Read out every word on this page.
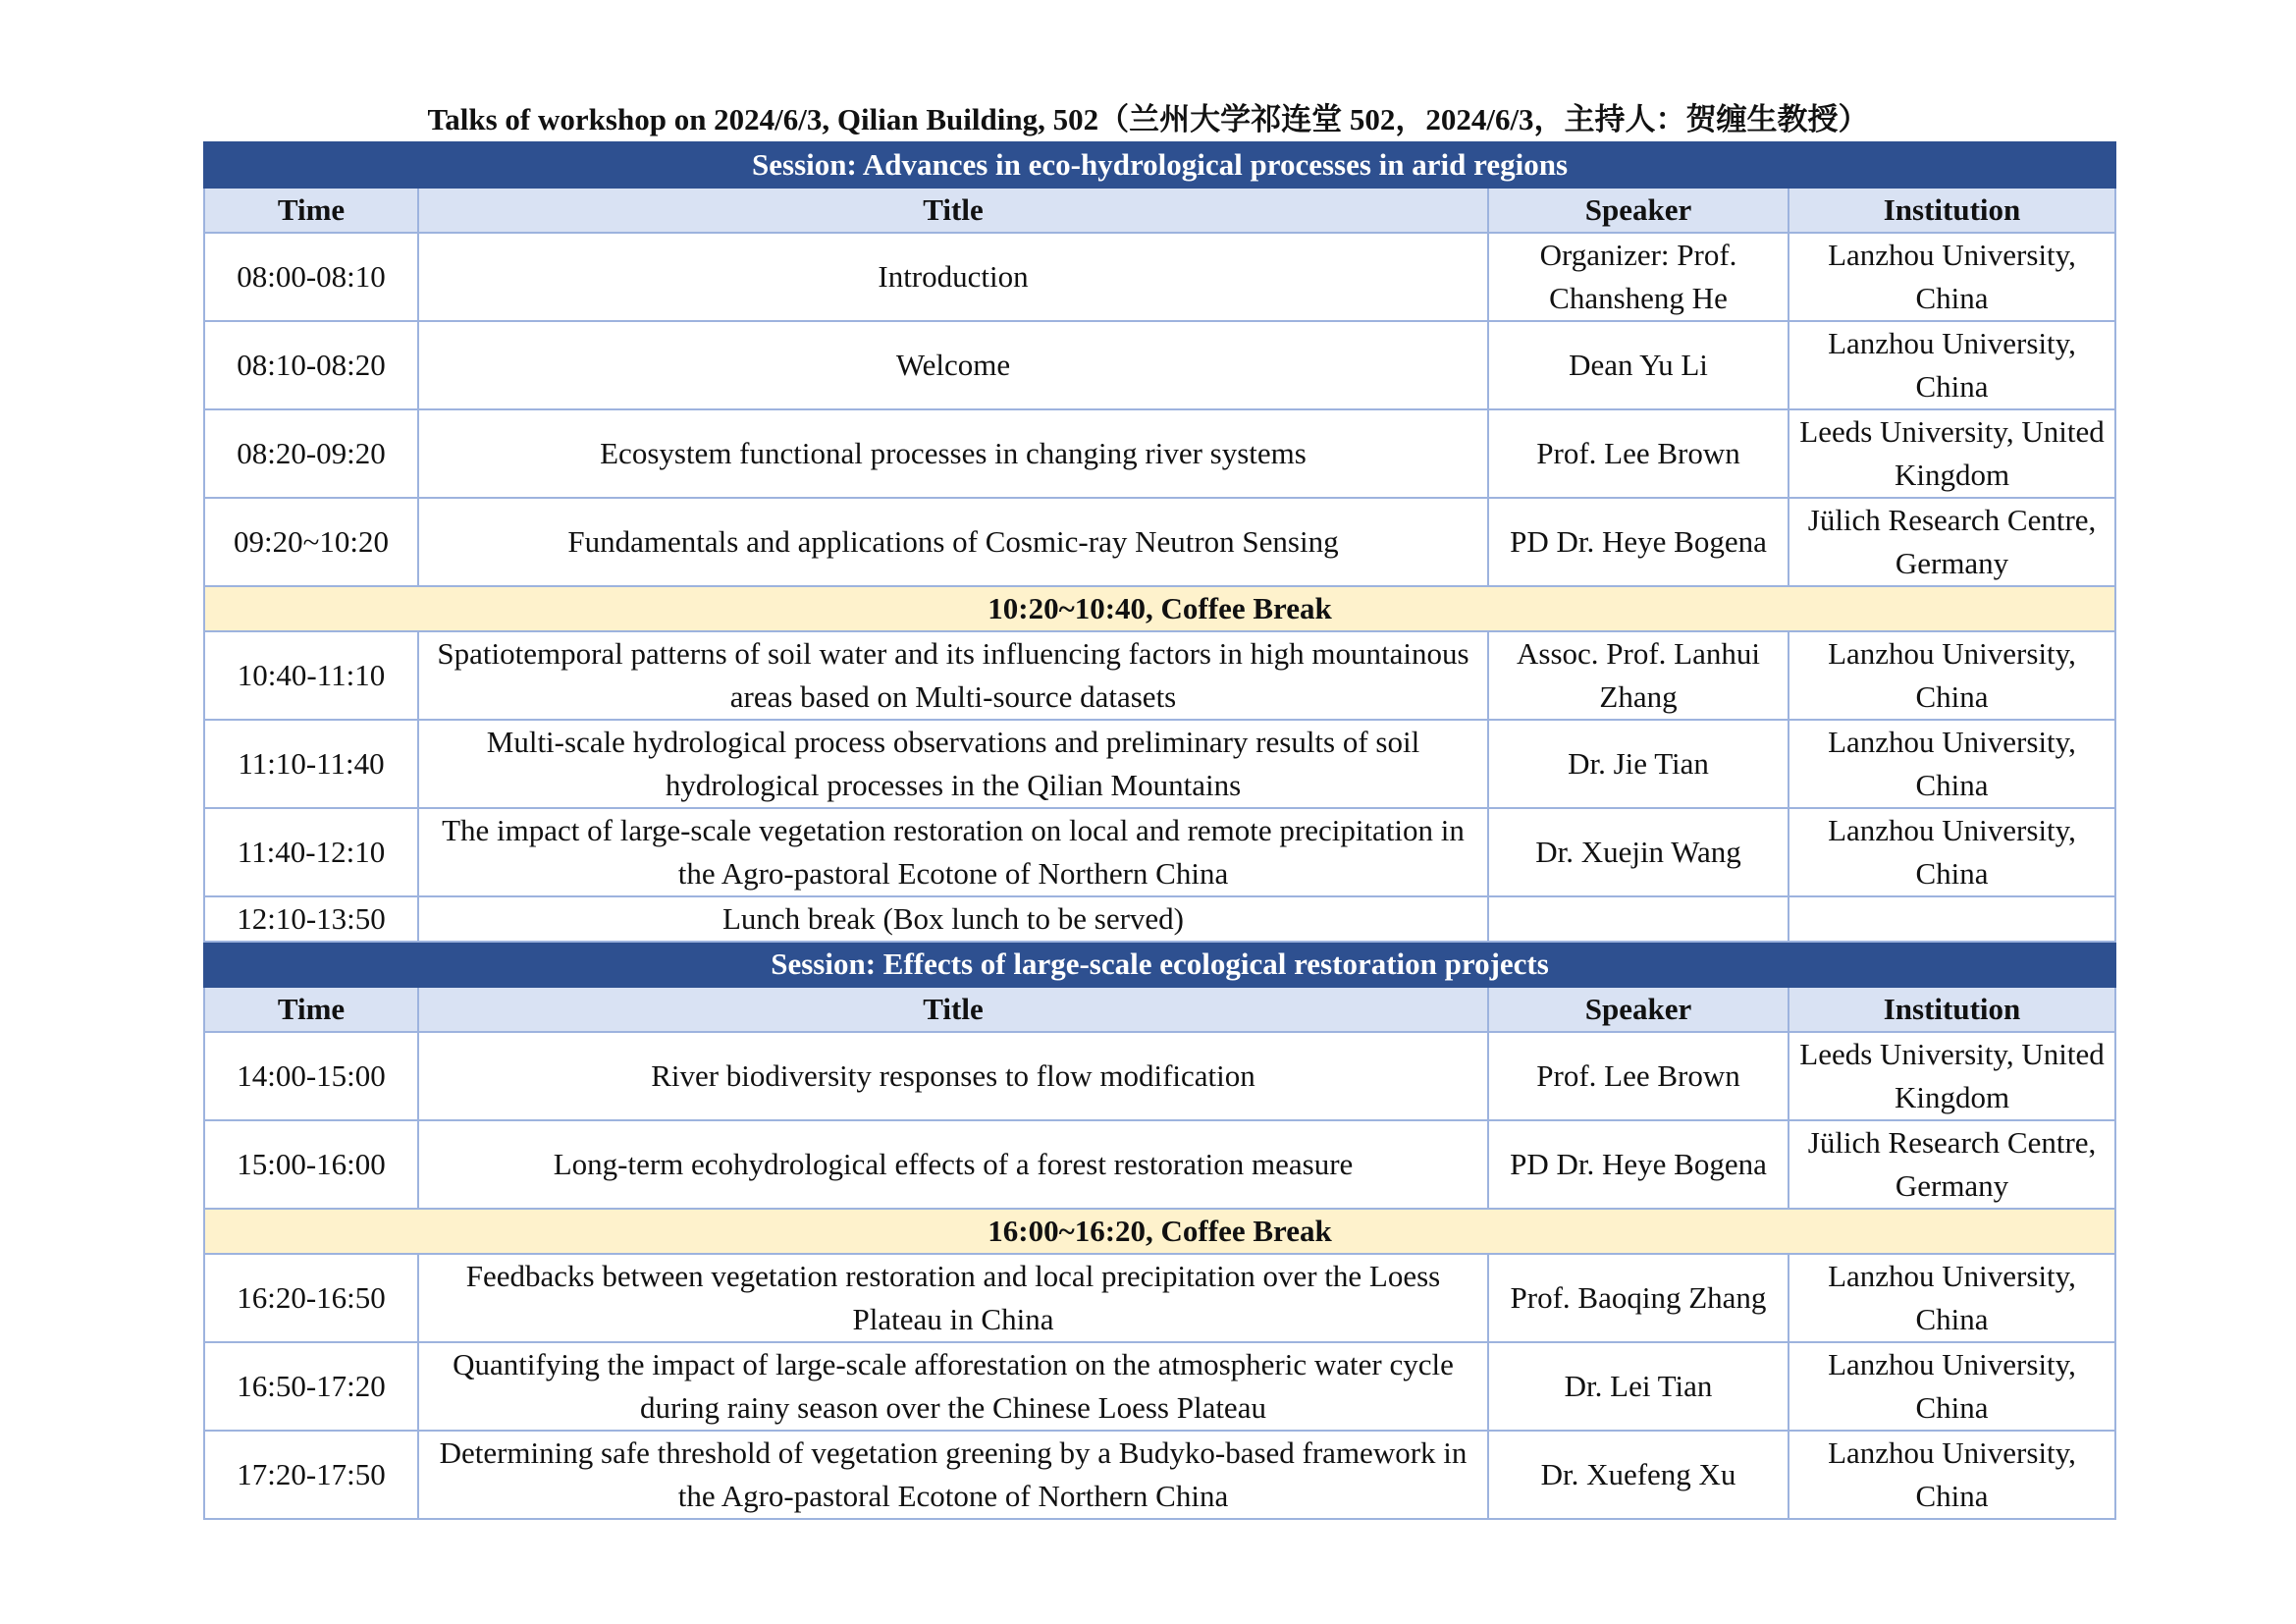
Talks of workshop on 2024/6/3, Qilian Building, 502（兰州大学祁连堂 502，2024/6/3，主持人：贺缠生教授）
Session: Advances in eco-hydrological processes in arid regions			
Time	Title	Speaker	Institution
08:00-08:10	Introduction	Organizer: Prof. Chansheng He	Lanzhou University, China
08:10-08:20	Welcome	Dean Yu Li	Lanzhou University, China
08:20-09:20	Ecosystem functional processes in changing river systems	Prof. Lee Brown	Leeds University, United Kingdom
09:20~10:20	Fundamentals and applications of Cosmic-ray Neutron Sensing	PD Dr. Heye Bogena	Jülich Research Centre, Germany
10:20~10:40, Coffee Break			
10:40-11:10	Spatiotemporal patterns of soil water and its influencing factors in high mountainous areas based on Multi-source datasets	Assoc. Prof. Lanhui Zhang	Lanzhou University, China
11:10-11:40	Multi-scale hydrological process observations and preliminary results of soil hydrological processes in the Qilian Mountains	Dr. Jie Tian	Lanzhou University, China
11:40-12:10	The impact of large-scale vegetation restoration on local and remote precipitation in the Agro-pastoral Ecotone of Northern China	Dr. Xuejin Wang	Lanzhou University, China
12:10-13:50	Lunch break (Box lunch to be served)		
Session: Effects of large-scale ecological restoration projects			
Time	Title	Speaker	Institution
14:00-15:00	River biodiversity responses to flow modification	Prof. Lee Brown	Leeds University, United Kingdom
15:00-16:00	Long-term ecohydrological effects of a forest restoration measure	PD Dr. Heye Bogena	Jülich Research Centre, Germany
16:00~16:20, Coffee Break			
16:20-16:50	Feedbacks between vegetation restoration and local precipitation over the Loess Plateau in China	Prof. Baoqing Zhang	Lanzhou University, China
16:50-17:20	Quantifying the impact of large-scale afforestation on the atmospheric water cycle during rainy season over the Chinese Loess Plateau	Dr. Lei Tian	Lanzhou University, China
17:20-17:50	Determining safe threshold of vegetation greening by a Budyko-based framework in the Agro-pastoral Ecotone of Northern China	Dr. Xuefeng Xu	Lanzhou University, China
